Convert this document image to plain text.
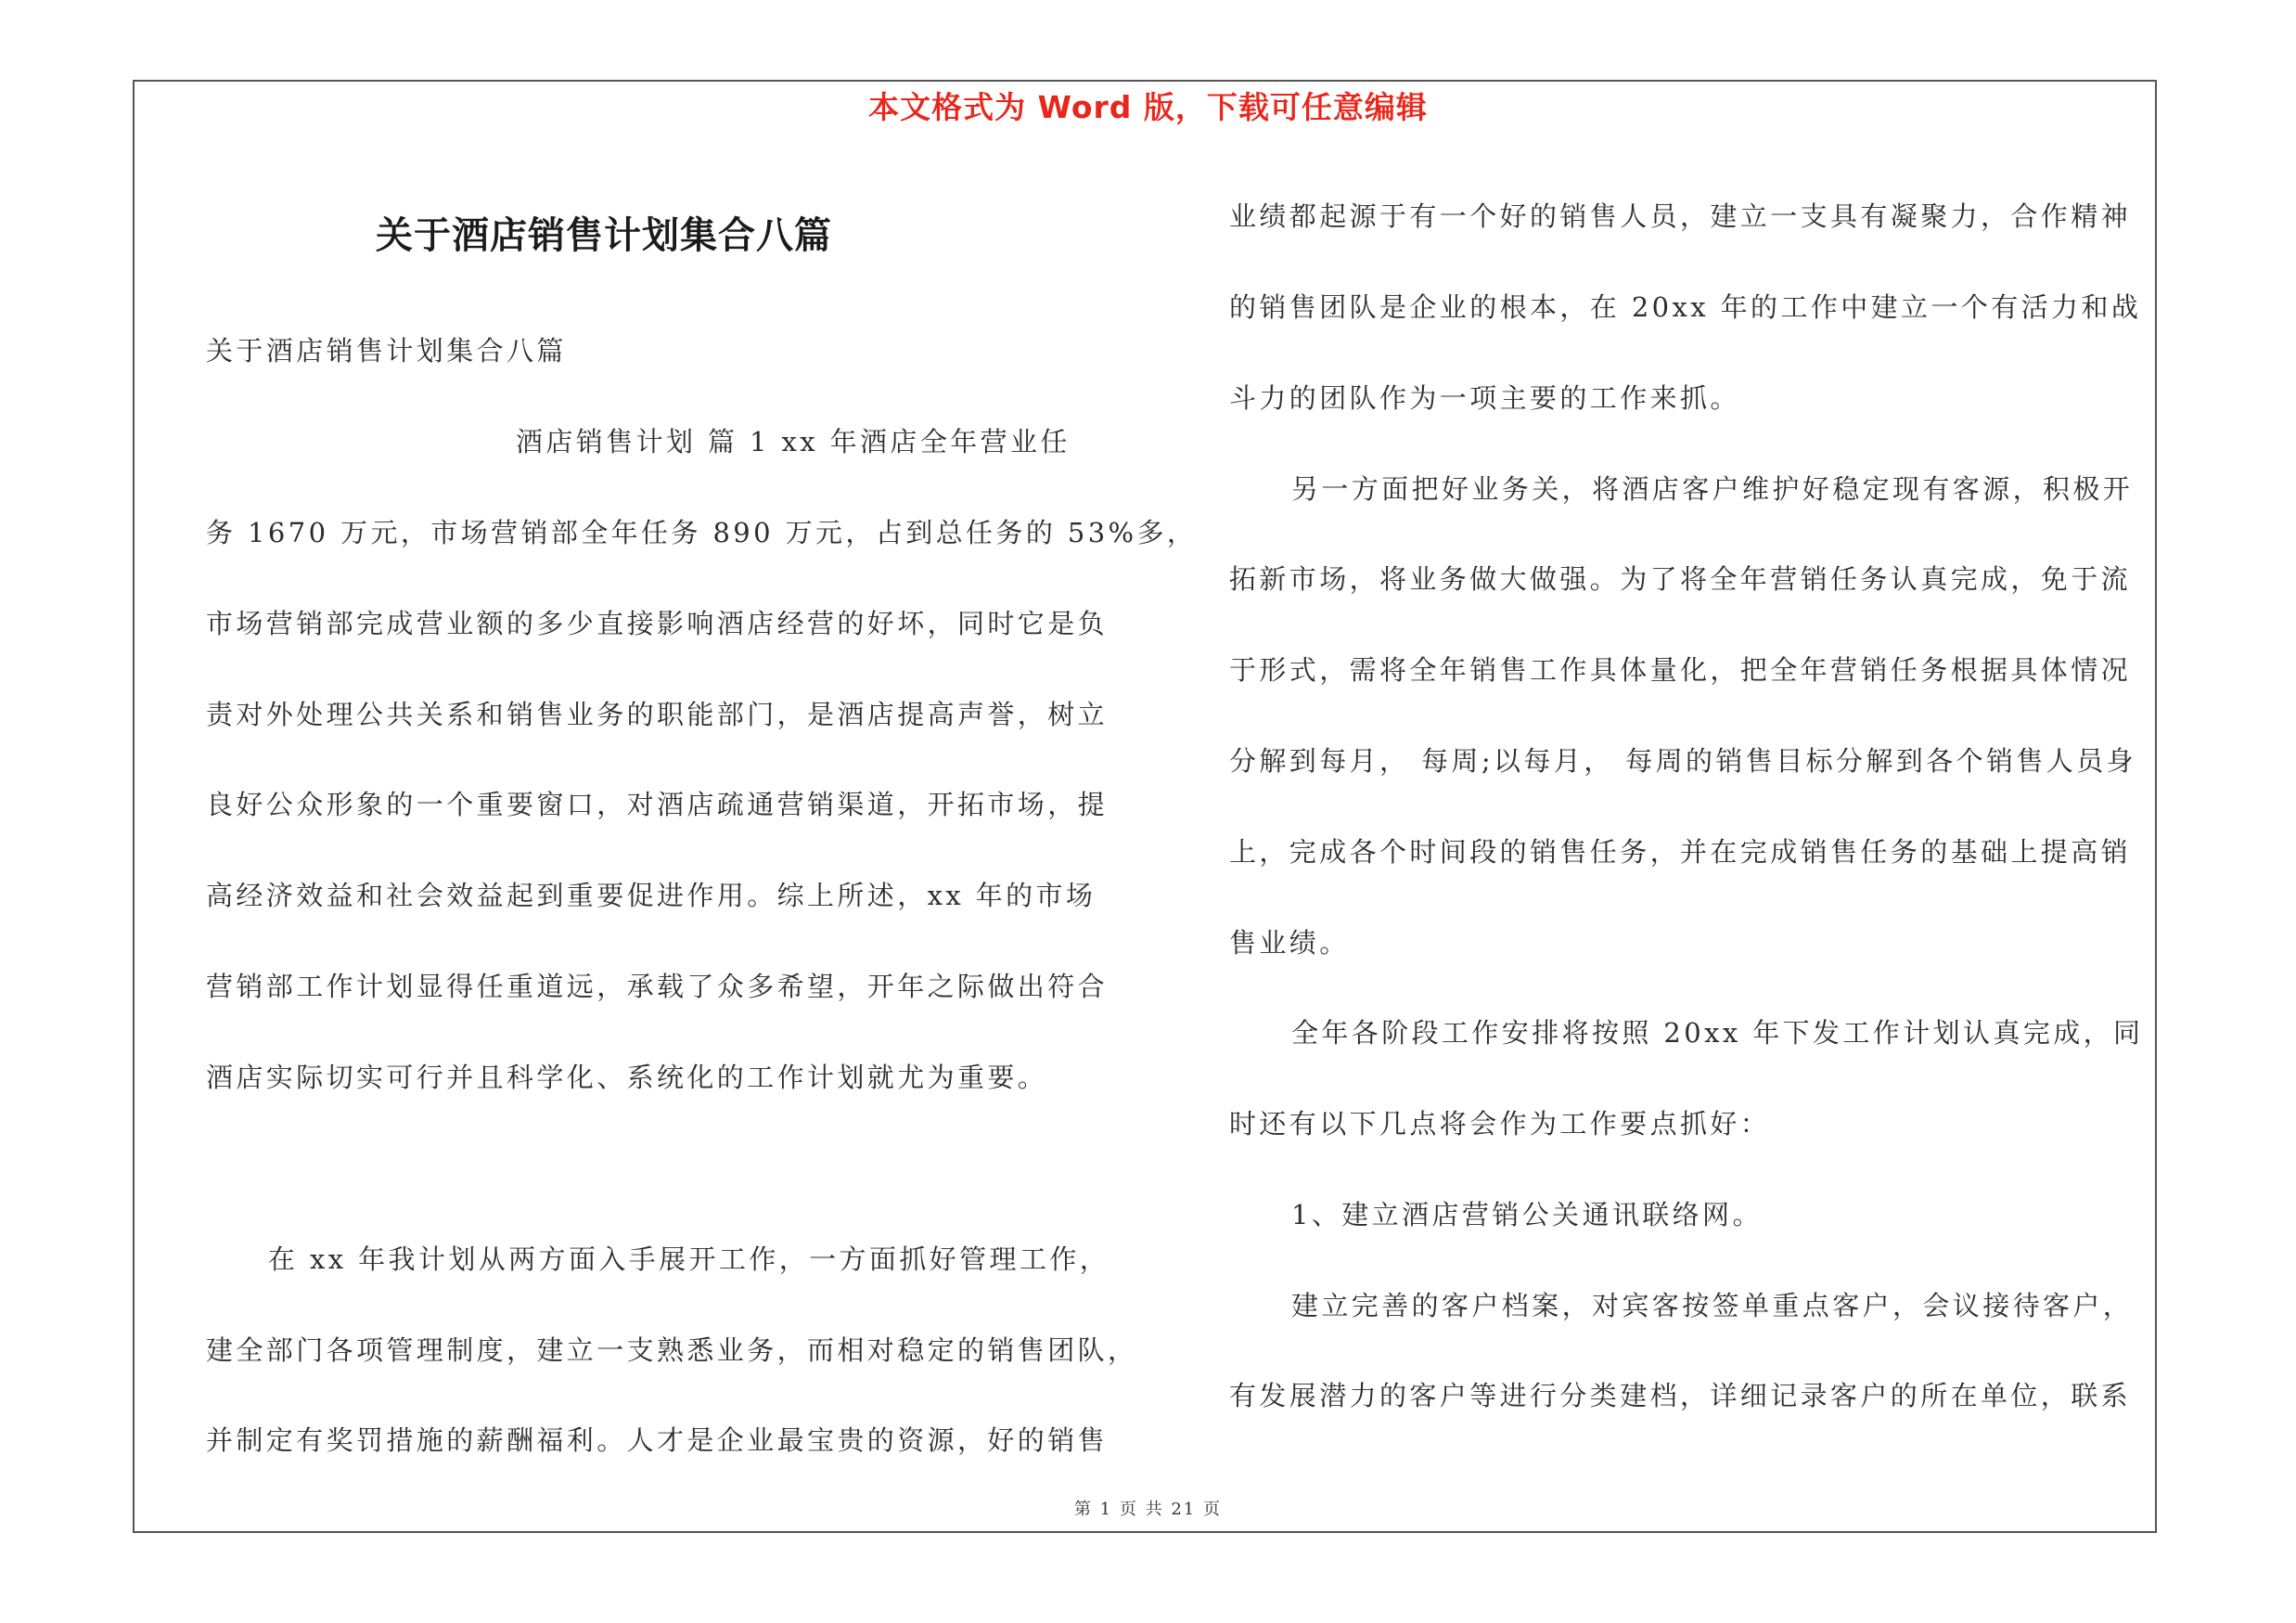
本文格式为 Word 版，下载可任意编辑
关于酒店销售计划集合八篇
关于酒店销售计划集合八篇
酒店销售计划 篇 1 xx 年酒店全年营业任
务 1670 万元，市场营销部全年任务 890 万元，占到总任务的 53%多，
市场营销部完成营业额的多少直接影响酒店经营的好坏，同时它是负
责对外处理公共关系和销售业务的职能部门，是酒店提高声誉，树立
良好公众形象的一个重要窗口，对酒店疏通营销渠道，开拓市场，提
高经济效益和社会效益起到重要促进作用。综上所述，xx 年的市场
营销部工作计划显得任重道远，承载了众多希望，开年之际做出符合
酒店实际切实可行并且科学化、系统化的工作计划就尤为重要。
在 xx 年我计划从两方面入手展开工作，一方面抓好管理工作，
建全部门各项管理制度，建立一支熟悉业务，而相对稳定的销售团队，
并制定有奖罚措施的薪酬福利。人才是企业最宝贵的资源，好的销售
业绩都起源于有一个好的销售人员，建立一支具有凝聚力，合作精神
的销售团队是企业的根本，在 20xx 年的工作中建立一个有活力和战
斗力的团队作为一项主要的工作来抓。
另一方面把好业务关，将酒店客户维护好稳定现有客源，积极开
拓新市场，将业务做大做强。为了将全年营销任务认真完成，免于流
于形式，需将全年销售工作具体量化，把全年营销任务根据具体情况
分解到每月， 每周;以每月， 每周的销售目标分解到各个销售人员身
上，完成各个时间段的销售任务，并在完成销售任务的基础上提高销
售业绩。
全年各阶段工作安排将按照 20xx 年下发工作计划认真完成，同
时还有以下几点将会作为工作要点抓好：
1、建立酒店营销公关通讯联络网。
建立完善的客户档案，对宾客按签单重点客户，会议接待客户，
有发展潜力的客户等进行分类建档，详细记录客户的所在单位，联系
第 1 页 共 21 页
